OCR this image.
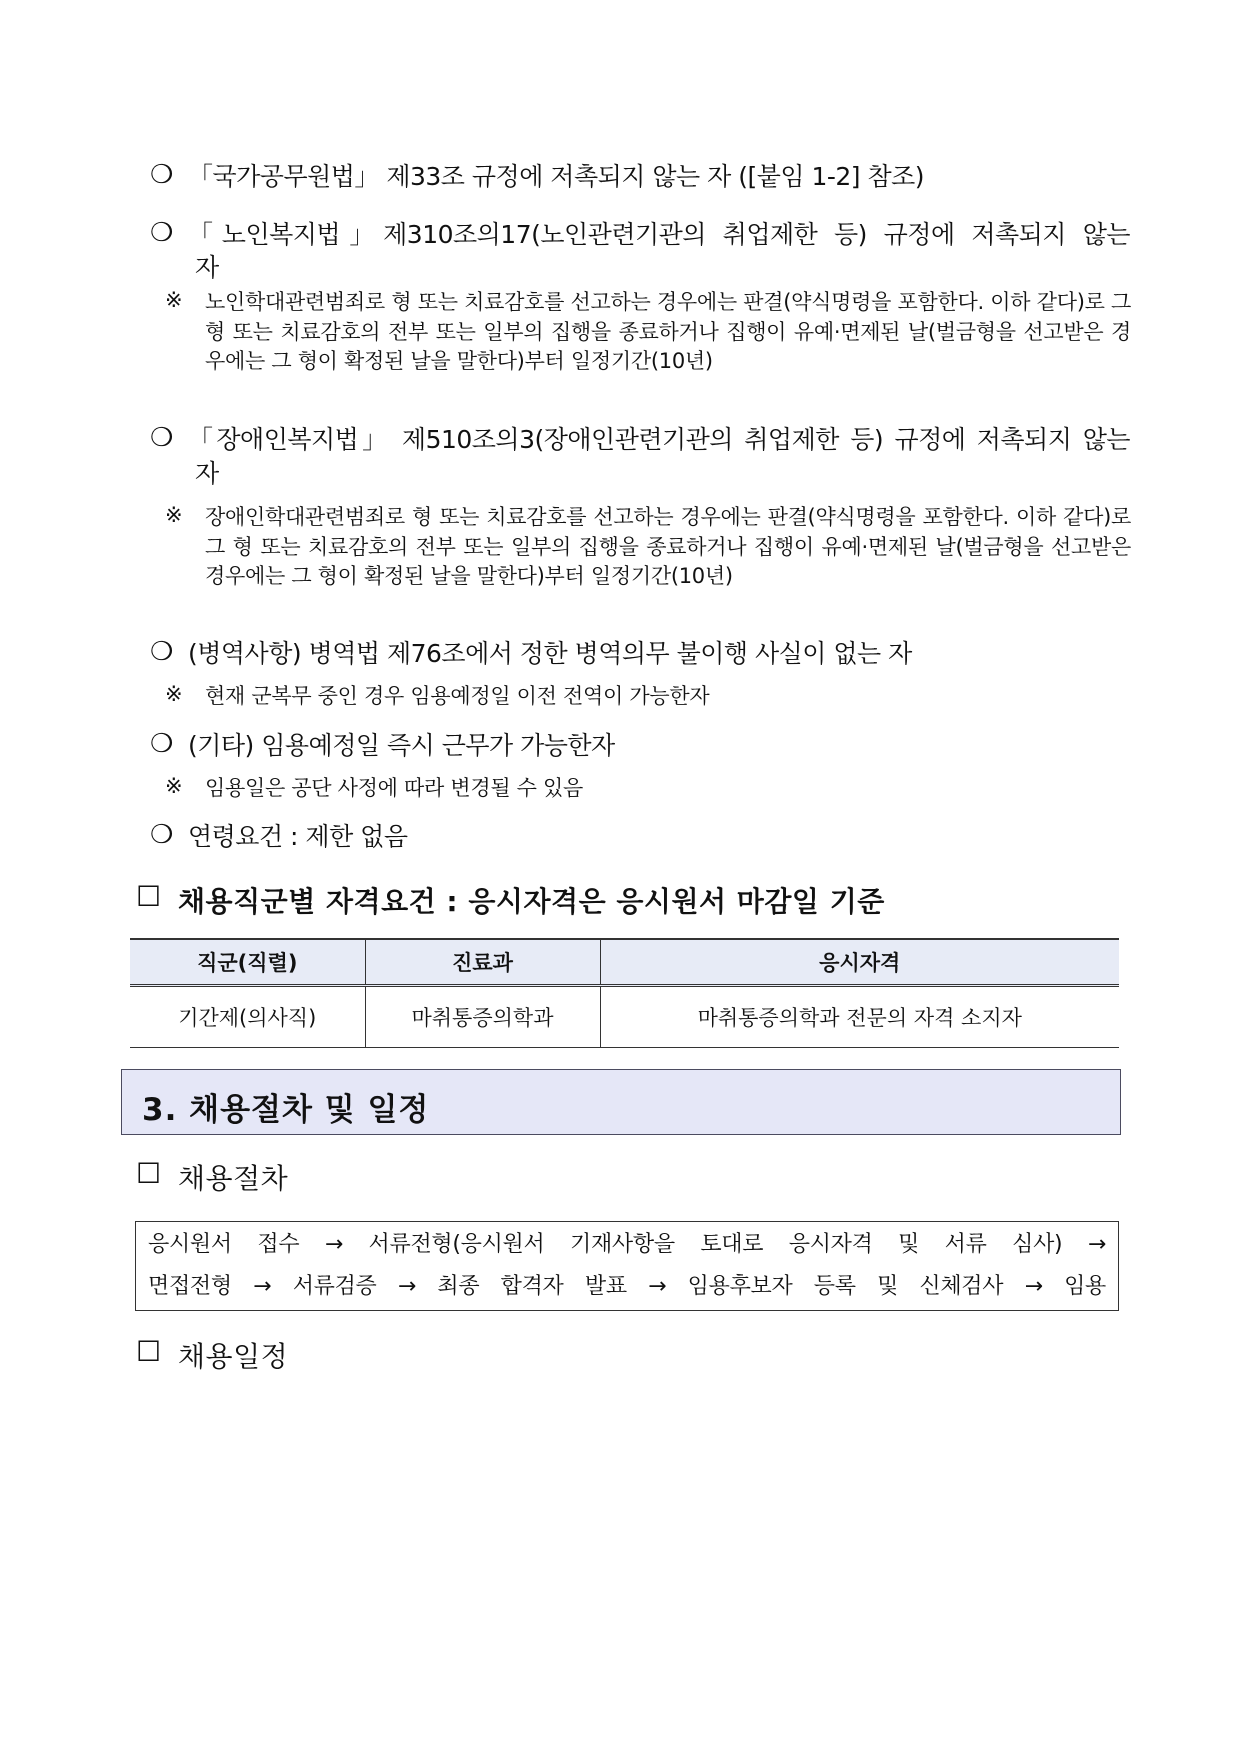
❍ 「국가공무원법」 제33조 규정에 저촉되지 않는 자 ([붙임 1-2] 참조)
❍ 「노인복지법」제310조의17(노인관련기관의 취업제한 등) 규정에 저촉되지 않는
자
※ 노인학대관련범죄로 형 또는 치료감호를 선고하는 경우에는 판결(약식명령을 포함한다. 이하 같다)로 그 형 또는 치료감호의 전부 또는 일부의 집행을 종료하거나 집행이 유예·면제된 날(벌금형을 선고받은 경우에는 그 형이 확정된 날을 말한다)부터 일정기간(10년)
❍ 「장애인복지법」 제510조의3(장애인관련기관의 취업제한 등) 규정에 저촉되지 않는
자
※ 장애인학대관련범죄로 형 또는 치료감호를 선고하는 경우에는 판결(약식명령을 포함한다. 이하 같다)로 그 형 또는 치료감호의 전부 또는 일부의 집행을 종료하거나 집행이 유예·면제된 날(벌금형을 선고받은 경우에는 그 형이 확정된 날을 말한다)부터 일정기간(10년)
❍ (병역사항) 병역법 제76조에서 정한 병역의무 불이행 사실이 없는 자
※ 현재 군복무 중인 경우 임용예정일 이전 전역이 가능한자
❍ (기타) 임용예정일 즉시 근무가 가능한자
※ 임용일은 공단 사정에 따라 변경될 수 있음
❍ 연령요건 : 제한 없음
☐ 채용직군별 자격요건 : 응시자격은 응시원서 마감일 기준
직군(직렬)	진료과	응시자격
기간제(의사직)	마취통증의학과	마취통증의학과 전문의 자격 소지자
3. 채용절차 및 일정
☐ 채용절차
응시원서 접수 → 서류전형(응시원서 기재사항을 토대로 응시자격 및 서류 심사) →
면접전형 → 서류검증 → 최종 합격자 발표 → 임용후보자 등록 및 신체검사 → 임용
☐ 채용일정
